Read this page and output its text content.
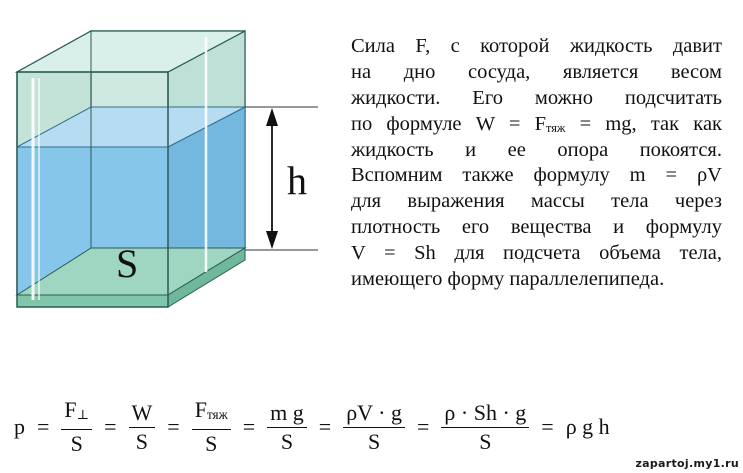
h
S
Сила F, с которой жидкость давит
на дно сосуда, является весом
жидкости. Его можно подсчитать
по формуле $W = F_{тяж}$ = mg, так как
жидкость и ее опора покоятся.
Вспомним также формулу m = ρV
для выражения массы тела через
плотность его вещества и формулу
V = Sh для подсчета объема тела,
имеющего форму параллелепипеда.
$p = \frac{F_\perp}{S} = \frac{W}{S} = \frac{F_{тяж}}{S} = \frac{\text{m g}}{S} = \frac{\rho V \cdot g}{S} = \frac{\rho \cdot Sh \cdot g}{S} = \rho$ g h
zapartoj.my1.ru
